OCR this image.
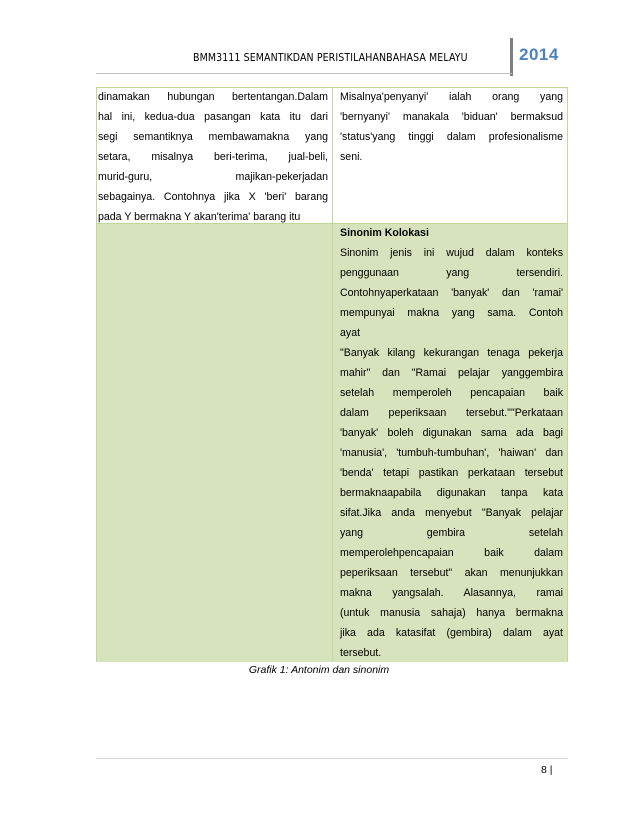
BMM3111 SEMANTIKDAN PERISTILAHANBAHASA MELAYU	2014
dinamakan hubungan bertentangan.Dalam
hal ini, kedua-dua pasangan kata itu dari
segi semantiknya membawamakna yang
setara, misalnya beri-terima, jual-beli,
murid-guru, majikan-pekerjadan
sebagainya. Contohnya jika X 'beri' barang
pada Y bermakna Y akan'terima' barang itu
Misalnya'penyanyi' ialah orang yang
'bernyanyi' manakala 'biduan' bermaksud
'status'yang tinggi dalam profesionalisme
seni.
Sinonim Kolokasi
Sinonim jenis ini wujud dalam konteks
penggunaan yang tersendiri.
Contohnyaperkataan 'banyak' dan 'ramai'
mempunyai makna yang sama. Contoh
ayat
"Banyak kilang kekurangan tenaga pekerja
mahir" dan "Ramai pelajar yanggembira
setelah memperoleh pencapaian baik
dalam peperiksaan tersebut.""Perkataan
'banyak' boleh digunakan sama ada bagi
'manusia', 'tumbuh-tumbuhan', 'haiwan' dan
'benda' tetapi pastikan perkataan tersebut
bermaknaapabila digunakan tanpa kata
sifat.Jika anda menyebut "Banyak pelajar
yang gembira setelah
memperolehpencapaian baik dalam
peperiksaan tersebut" akan menunjukkan
makna yangsalah. Alasannya, ramai
(untuk manusia sahaja) hanya bermakna
jika ada katasifat (gembira) dalam ayat
tersebut.
Grafik 1: Antonim dan sinonim
8 |
